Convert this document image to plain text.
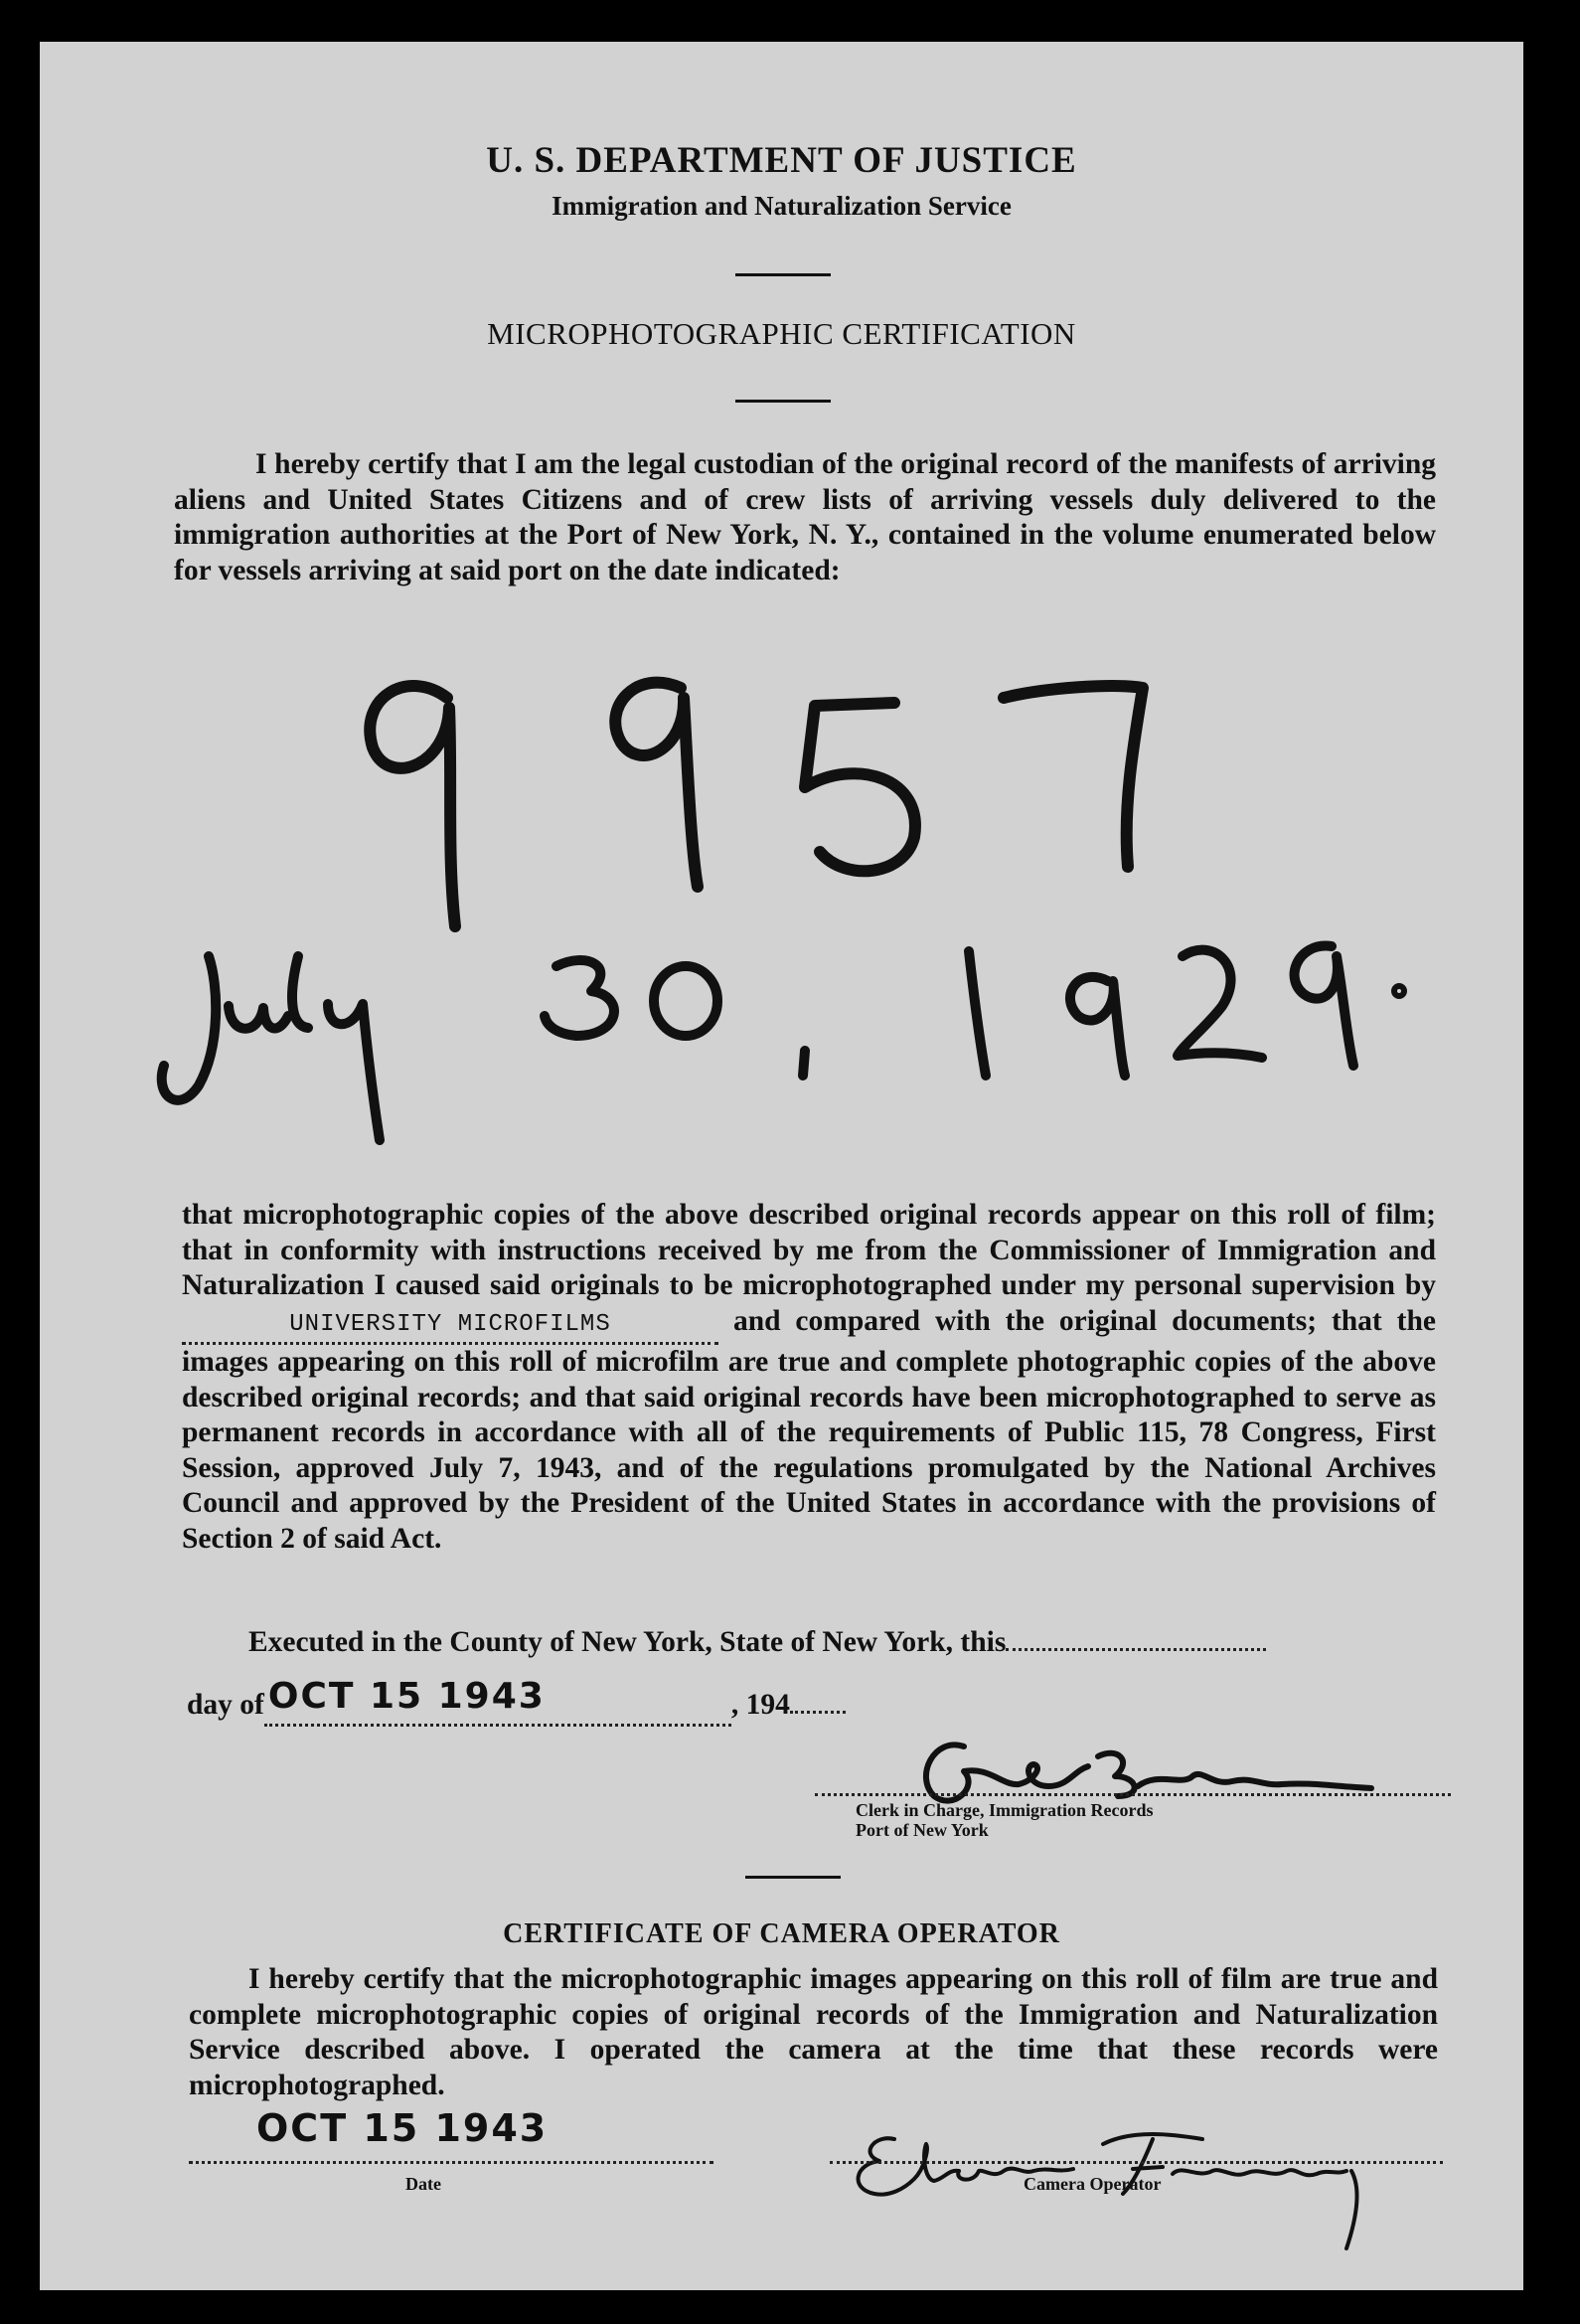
U. S. DEPARTMENT OF JUSTICE
Immigration and Naturalization Service
MICROPHOTOGRAPHIC CERTIFICATION
I hereby certify that I am the legal custodian of the original record of the manifests of arriving aliens and United States Citizens and of crew lists of arriving vessels duly delivered to the immigration authorities at the Port of New York, N. Y., contained in the volume enumerated below for vessels arriving at said port on the date indicated:
that microphotographic copies of the above described original records appear on this roll of film; that in conformity with instructions received by me from the Commissioner of Immigration and Naturalization I caused said originals to be microphotographed under my personal supervision by UNIVERSITY MICROFILMS	and compared with the original documents; that the images appearing on this roll of microfilm are true and complete photographic copies of the above described original records; and that said original records have been microphotographed to serve as permanent records in accordance with all of the requirements of Public 115, 78 Congress, First Session, approved July 7, 1943, and of the regulations promulgated by the National Archives Council and approved by the President of the United States in accordance with the provisions of Section 2 of said Act.
Executed in the County of New York, State of New York, this
day of OCT 15 1943	, 194
Clerk in Charge, Immigration Records
Port of New York
CERTIFICATE OF CAMERA OPERATOR
I hereby certify that the microphotographic images appearing on this roll of film are true and complete microphotographic copies of original records of the Immigration and Naturalization Service described above. I operated the camera at the time that these records were microphotographed.
OCT 15 1943
Date	Camera Operator
